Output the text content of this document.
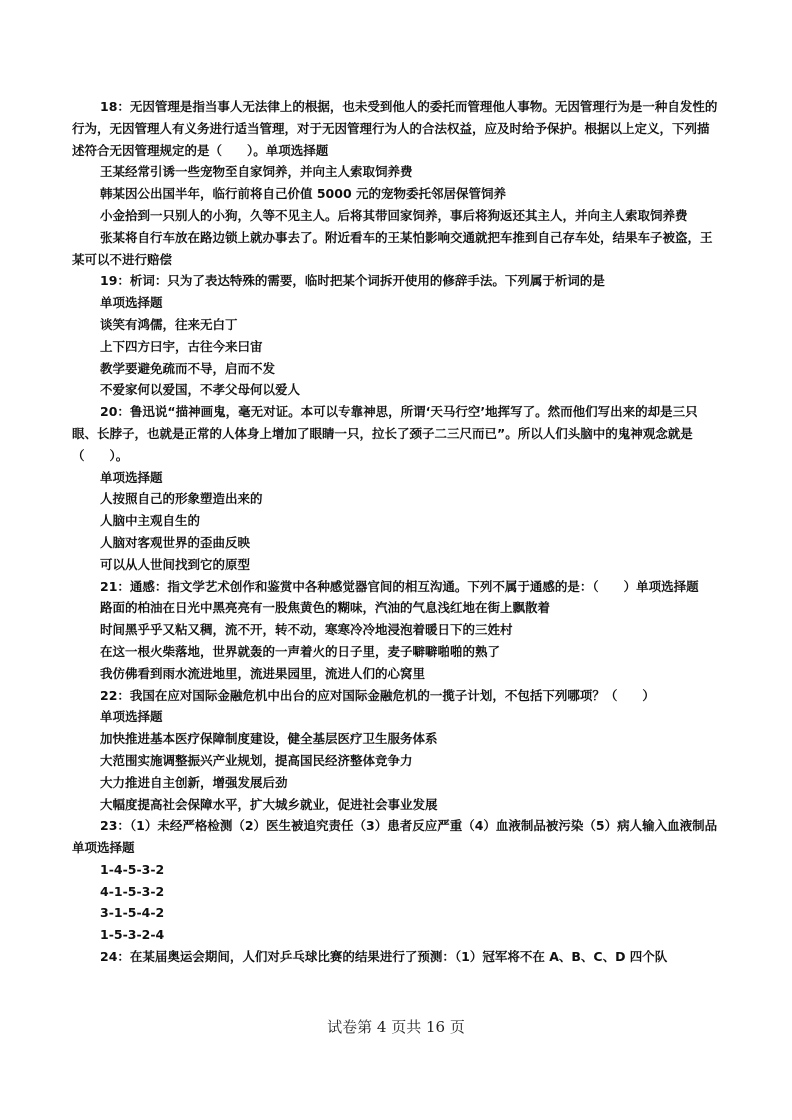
18：无因管理是指当事人无法律上的根据，也未受到他人的委托而管理他人事物。无因管理行为是一种自发性的行为，无因管理人有义务进行适当管理，对于无因管理行为人的合法权益，应及时给予保护。根据以上定义，下列描述符合无因管理规定的是（　　）。单项选择题

王某经常引诱一些宠物至自家饲养，并向主人索取饲养费

韩某因公出国半年，临行前将自己价值 5000 元的宠物委托邻居保管饲养

小金拾到一只别人的小狗，久等不见主人。后将其带回家饲养，事后将狗返还其主人，并向主人索取饲养费

张某将自行车放在路边锁上就办事去了。附近看车的王某怕影响交通就把车推到自己存车处，结果车子被盗，王某可以不进行赔偿

19：析词：只为了表达特殊的需要，临时把某个词拆开使用的修辞手法。下列属于析词的是

单项选择题

谈笑有鸿儒，往来无白丁

上下四方曰宇，古往今来曰宙

教学要避免疏而不导，启而不发

不爱家何以爱国，不孝父母何以爱人

20：鲁迅说“描神画鬼，毫无对证。本可以专靠神思，所谓‘天马行空’地挥写了。然而他们写出来的却是三只眼、长脖子，也就是正常的人体身上增加了眼睛一只，拉长了颈子二三尺而已”。所以人们头脑中的鬼神观念就是（　　）。

单项选择题

人按照自己的形象塑造出来的

人脑中主观自生的

人脑对客观世界的歪曲反映

可以从人世间找到它的原型

21：通感：指文学艺术创作和鉴赏中各种感觉器官间的相互沟通。下列不属于通感的是：（　　）单项选择题

路面的柏油在日光中黑亮亮有一股焦黄色的糊味，汽油的气息浅红地在街上飘散着

时间黑乎乎又粘又稠，流不开，转不动，寒寒冷冷地浸泡着暖日下的三姓村

在这一根火柴落地，世界就轰的一声着火的日子里，麦子噼噼啪啪的熟了

我仿佛看到雨水流进地里，流进果园里，流进人们的心窝里

22：我国在应对国际金融危机中出台的应对国际金融危机的一揽子计划，不包括下列哪项？（　　）

单项选择题

加快推进基本医疗保障制度建设，健全基层医疗卫生服务体系

大范围实施调整振兴产业规划，提高国民经济整体竞争力

大力推进自主创新，增强发展后劲

大幅度提高社会保障水平，扩大城乡就业，促进社会事业发展

23：（1）未经严格检测（2）医生被追究责任（3）患者反应严重（4）血液制品被污染（5）病人输入血液制品单项选择题

1-4-5-3-2

4-1-5-3-2

3-1-5-4-2

1-5-3-2-4

24：在某届奥运会期间，人们对乒乓球比赛的结果进行了预测：（1）冠军将不在 A、B、C、D 四个队

试卷第 4 页共 16 页
